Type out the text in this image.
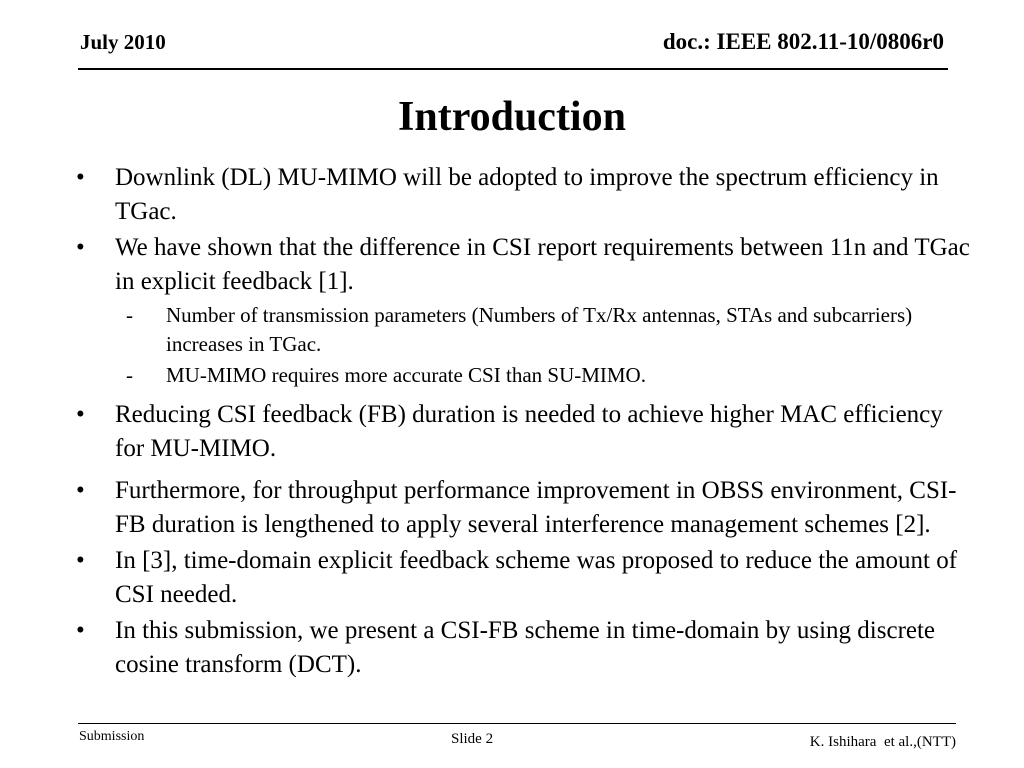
July 2010	doc.: IEEE 802.11-10/0806r0
Introduction
• Downlink (DL) MU-MIMO will be adopted to improve the spectrum efficiency in TGac.
• We have shown that the difference in CSI report requirements between 11n and TGac in explicit feedback [1].
- Number of transmission parameters (Numbers of Tx/Rx antennas, STAs and subcarriers) increases in TGac.
- MU-MIMO requires more accurate CSI than SU-MIMO.
• Reducing CSI feedback (FB) duration is needed to achieve higher MAC efficiency for MU-MIMO.
• Furthermore, for throughput performance improvement in OBSS environment, CSI-FB duration is lengthened to apply several interference management schemes [2].
• In [3], time-domain explicit feedback scheme was proposed to reduce the amount of CSI needed.
• In this submission, we present a CSI-FB scheme in time-domain by using discrete cosine transform (DCT).
Submission	Slide 2	K. Ishihara  et al.,(NTT)
